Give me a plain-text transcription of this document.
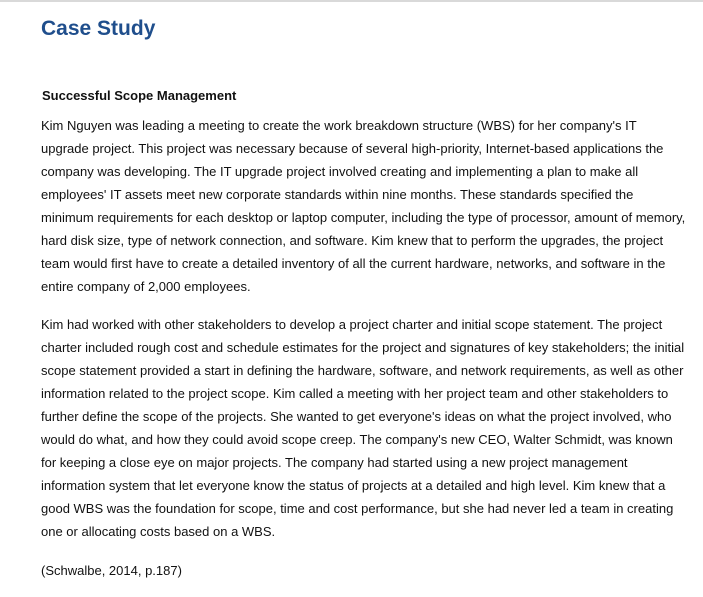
Case Study
Successful Scope Management

Kim Nguyen was leading a meeting to create the work breakdown structure (WBS) for her company's IT upgrade project. This project was necessary because of several high-priority, Internet-based applications the company was developing. The IT upgrade project involved creating and implementing a plan to make all employees' IT assets meet new corporate standards within nine months. These standards specified the minimum requirements for each desktop or laptop computer, including the type of processor, amount of memory, hard disk size, type of network connection, and software. Kim knew that to perform the upgrades, the project team would first have to create a detailed inventory of all the current hardware, networks, and software in the entire company of 2,000 employees.

Kim had worked with other stakeholders to develop a project charter and initial scope statement. The project charter included rough cost and schedule estimates for the project and signatures of key stakeholders; the initial scope statement provided a start in defining the hardware, software, and network requirements, as well as other information related to the project scope. Kim called a meeting with her project team and other stakeholders to further define the scope of the projects. She wanted to get everyone's ideas on what the project involved, who would do what, and how they could avoid scope creep. The company's new CEO, Walter Schmidt, was known for keeping a close eye on major projects. The company had started using a new project management information system that let everyone know the status of projects at a detailed and high level. Kim knew that a good WBS was the foundation for scope, time and cost performance, but she had never led a team in creating one or allocating costs based on a WBS.

(Schwalbe, 2014, p.187)
